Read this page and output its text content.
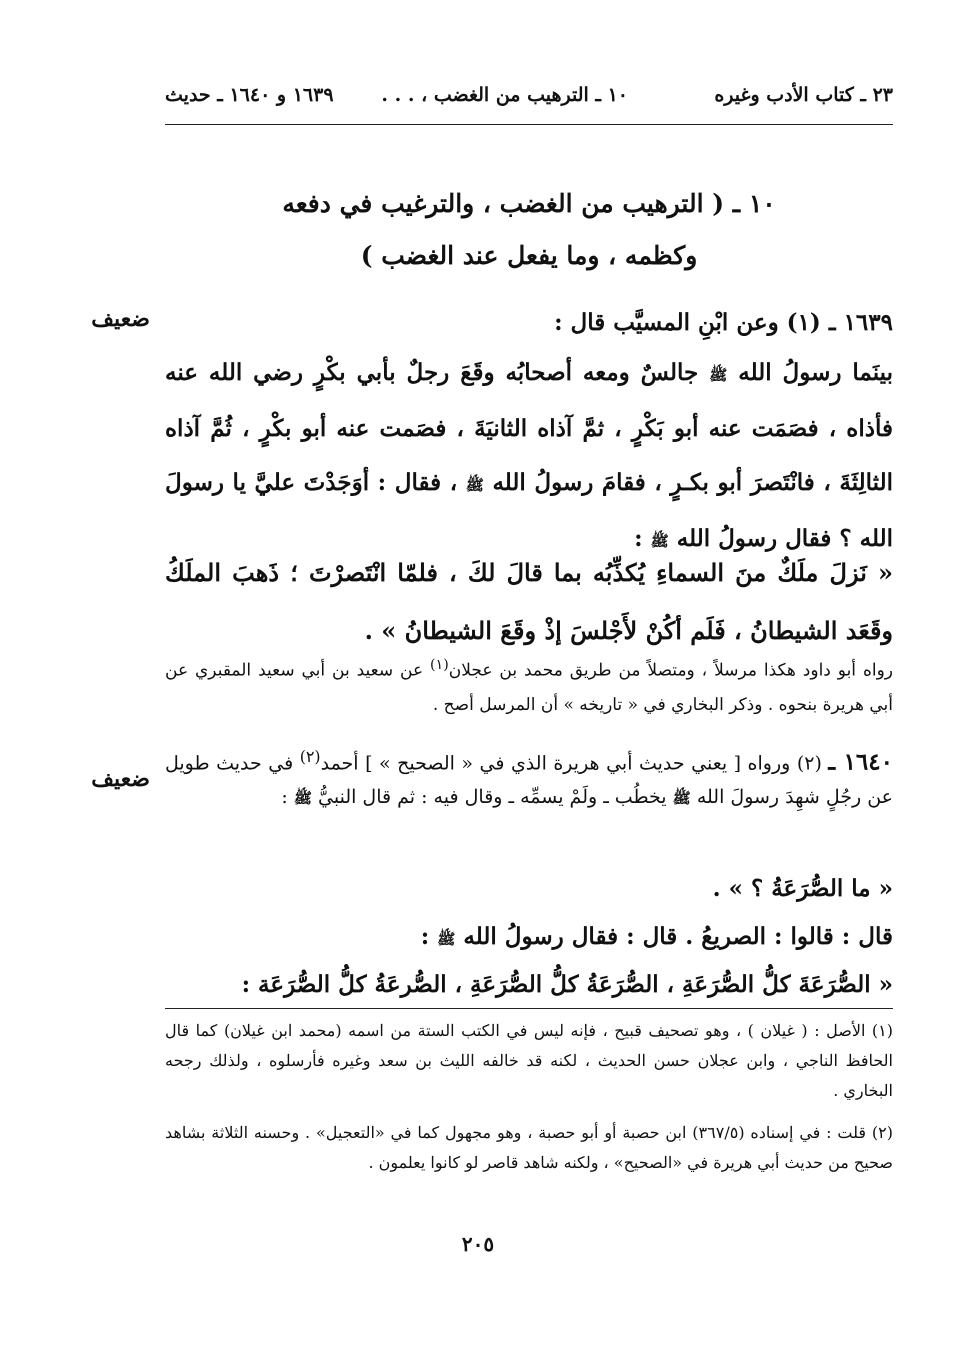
٢٣ ـ كتاب الأدب وغيره
١٠ ـ الترهيب من الغضب ، . . .
١٦٣٩ و ١٦٤٠ ـ حديث
١٠ ـ ( الترهيب من الغضب ، والترغيب في دفعه
وكظمه ، وما يفعل عند الغضب )
ضعيف	١٦٣٩ ـ (١) وعن ابْنِ المسيَّب قال :
بينَما رسولُ الله ﷺ جالسٌ ومعه أصحابُه وقَعَ رجلٌ بأبي بكْرٍ رضي الله عنه فأذاه ، فصَمَت عنه أبو بَكْرٍ ، ثمَّ آذاه الثانيَةَ ، فصَمت عنه أبو بكْرٍ ، ثُمَّ آذاه الثالِثَةَ ، فانْتَصرَ أبو بكـرٍ ، فقامَ رسولُ الله ﷺ ، فقال : أوَجَدْتَ عليَّ يا رسولَ الله ؟ فقال رسولُ الله ﷺ :
« نَزلَ ملَكٌ منَ السماءِ يُكذِّبُه بما قالَ لكَ ، فلمّا انْتَصرْتَ ؛ ذَهبَ الملَكُ وقَعَد الشيطانُ ، فَلَم أكُنْ لأَجْلسَ إذْ وقَعَ الشيطانُ » .
رواه أبو داود هكذا مرسلاً ، ومتصلاً من طريق محمد بن عجلان$^{(١)}$ عن سعيد بن أبي سعيد المقبري عن أبي هريرة بنحوه . وذكر البخاري في « تاريخه » أن المرسل أصح .
ضعيف
١٦٤٠ ـ (٢) ورواه [ يعني حديث أبي هريرة الذي في « الصحيح » ] أحمد$^{(٢)}$ في حديث طويل عن رجُلٍ شهِدَ رسولَ الله ﷺ يخطُب ـ ولَمْ يسمِّه ـ وقال فيه : ثم قال النبيُّ ﷺ :
« ما الصُّرَعَةُ ؟ » .
قال : قالوا : الصريعُ . قال : فقال رسولُ الله ﷺ :
« الصُّرَعَةَ كلُّ الصُّرَعَةِ ، الصُّرَعَةُ كلُّ الصُّرَعَةِ ، الصُّرعَةُ كلُّ الصُّرَعَة :
(١) الأصل : ( غيلان ) ، وهو تصحيف قبيح ، فإنه ليس في الكتب الستة من اسمه (محمد ابن غيلان) كما قال الحافظ الناجي ، وابن عجلان حسن الحديث ، لكنه قد خالفه الليث بن سعد وغيره فأرسلوه ، ولذلك رجحه البخاري .
(٢) قلت : في إسناده (٣٦٧/٥) ابن حصبة أو أبو حصبة ، وهو مجهول كما في «التعجيل» . وحسنه الثلاثة بشاهد صحيح من حديث أبي هريرة في «الصحيح» ، ولكنه شاهد قاصر لو كانوا يعلمون .
٢٠٥
